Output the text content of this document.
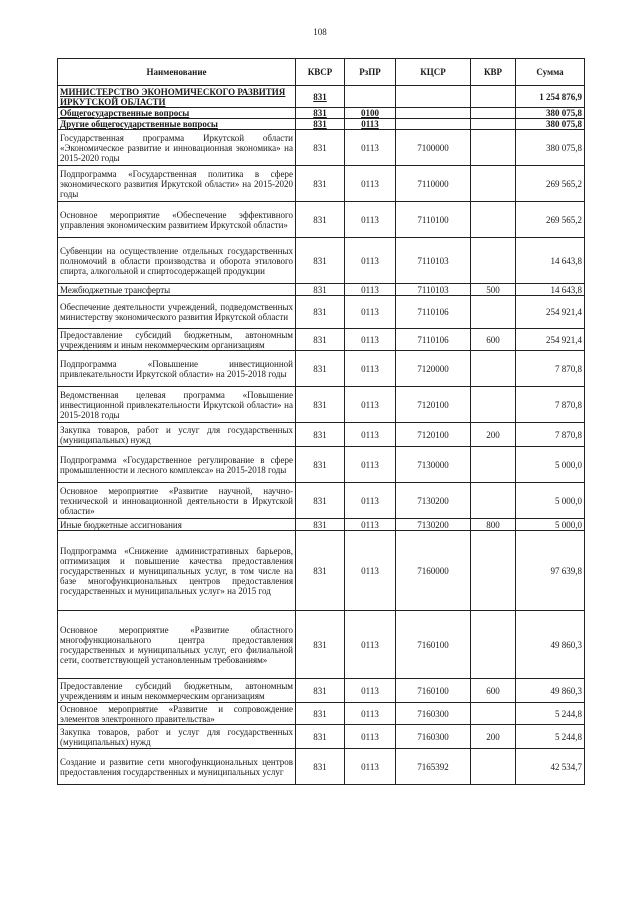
108
Наименование	КВСР	РзПР	КЦСР	КВР	Сумма
МИНИСТЕРСТВО ЭКОНОМИЧЕСКОГО РАЗВИТИЯ ИРКУТСКОЙ ОБЛАСТИ	831				1 254 876,9
Общегосударственные вопросы	831	0100			380 075,8
Другие общегосударственные вопросы	831	0113			380 075,8
Государственная программа Иркутской области «Экономическое развитие и инновационная экономика» на 2015-2020 годы	831	0113	7100000		380 075,8
Подпрограмма «Государственная политика в сфере экономического развития Иркутской области» на 2015-2020 годы	831	0113	7110000		269 565,2
Основное мероприятие «Обеспечение эффективного управления экономическим развитием Иркутской области»	831	0113	7110100		269 565,2
Субвенции на осуществление отдельных государственных полномочий в области производства и оборота этилового спирта, алкогольной и спиртосодержащей продукции	831	0113	7110103		14 643,8
Межбюджетные трансферты	831	0113	7110103	500	14 643,8
Обеспечение деятельности учреждений, подведомственных министерству экономического развития Иркутской области	831	0113	7110106		254 921,4
Предоставление субсидий бюджетным, автономным учреждениям и иным некоммерческим организациям	831	0113	7110106	600	254 921,4
Подпрограмма «Повышение инвестиционной привлекательности Иркутской области» на 2015-2018 годы	831	0113	7120000		7 870,8
Ведомственная целевая программа «Повышение инвестиционной привлекательности Иркутской области» на 2015-2018 годы	831	0113	7120100		7 870,8
Закупка товаров, работ и услуг для государственных (муниципальных) нужд	831	0113	7120100	200	7 870,8
Подпрограмма «Государственное регулирование в сфере промышленности и лесного комплекса» на 2015-2018 годы	831	0113	7130000		5 000,0
Основное мероприятие «Развитие научной, научно-технической и инновационной деятельности в Иркутской области»	831	0113	7130200		5 000,0
Иные бюджетные ассигнования	831	0113	7130200	800	5 000,0
Подпрограмма «Снижение административных барьеров, оптимизация и повышение качества предоставления государственных и муниципальных услуг, в том числе на базе многофункциональных центров предоставления государственных и муниципальных услуг» на 2015 год	831	0113	7160000		97 639,8
Основное мероприятие «Развитие областного многофункционального центра предоставления государственных и муниципальных услуг, его филиальной сети, соответствующей установленным требованиям»	831	0113	7160100		49 860,3
Предоставление субсидий бюджетным, автономным учреждениям и иным некоммерческим организациям	831	0113	7160100	600	49 860,3
Основное мероприятие «Развитие и сопровождение элементов электронного правительства»	831	0113	7160300		5 244,8
Закупка товаров, работ и услуг для государственных (муниципальных) нужд	831	0113	7160300	200	5 244,8
Создание и развитие сети многофункциональных центров предоставления государственных и муниципальных услуг	831	0113	7165392		42 534,7
